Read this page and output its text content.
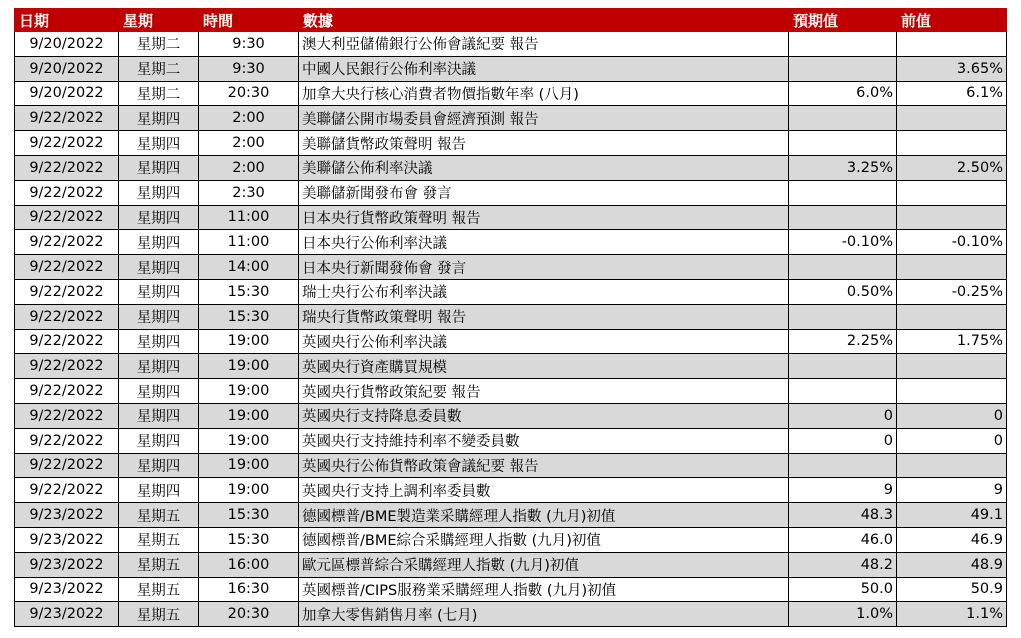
日期	星期	時間	數據	預期值	前值
9/20/2022	星期二	9:30	澳大利亞儲備銀行公佈會議紀要 報告		
9/20/2022	星期二	9:30	中國人民銀行公佈利率決議		3.65%
9/20/2022	星期二	20:30	加拿大央行核心消費者物價指數年率 (八月)	6.0%	6.1%
9/22/2022	星期四	2:00	美聯儲公開市場委員會經濟預測 報告		
9/22/2022	星期四	2:00	美聯儲貨幣政策聲明 報告		
9/22/2022	星期四	2:00	美聯儲公佈利率決議	3.25%	2.50%
9/22/2022	星期四	2:30	美聯儲新聞發布會 發言		
9/22/2022	星期四	11:00	日本央行貨幣政策聲明 報告		
9/22/2022	星期四	11:00	日本央行公佈利率決議	-0.10%	-0.10%
9/22/2022	星期四	14:00	日本央行新聞發佈會 發言		
9/22/2022	星期四	15:30	瑞士央行公布利率決議	0.50%	-0.25%
9/22/2022	星期四	15:30	瑞央行貨幣政策聲明 報告		
9/22/2022	星期四	19:00	英國央行公佈利率決議	2.25%	1.75%
9/22/2022	星期四	19:00	英國央行資產購買規模		
9/22/2022	星期四	19:00	英國央行貨幣政策紀要 報告		
9/22/2022	星期四	19:00	英國央行支持降息委員數	0	0
9/22/2022	星期四	19:00	英國央行支持維持利率不變委員數	0	0
9/22/2022	星期四	19:00	英國央行公佈貨幣政策會議紀要 報告		
9/22/2022	星期四	19:00	英國央行支持上調利率委員數	9	9
9/23/2022	星期五	15:30	德國標普/BME製造業采購經理人指數 (九月)初值	48.3	49.1
9/23/2022	星期五	15:30	德國標普/BME綜合采購經理人指數 (九月)初值	46.0	46.9
9/23/2022	星期五	16:00	歐元區標普綜合采購經理人指數 (九月)初值	48.2	48.9
9/23/2022	星期五	16:30	英國標普/CIPS服務業采購經理人指數 (九月)初值	50.0	50.9
9/23/2022	星期五	20:30	加拿大零售銷售月率 (七月)	1.0%	1.1%
